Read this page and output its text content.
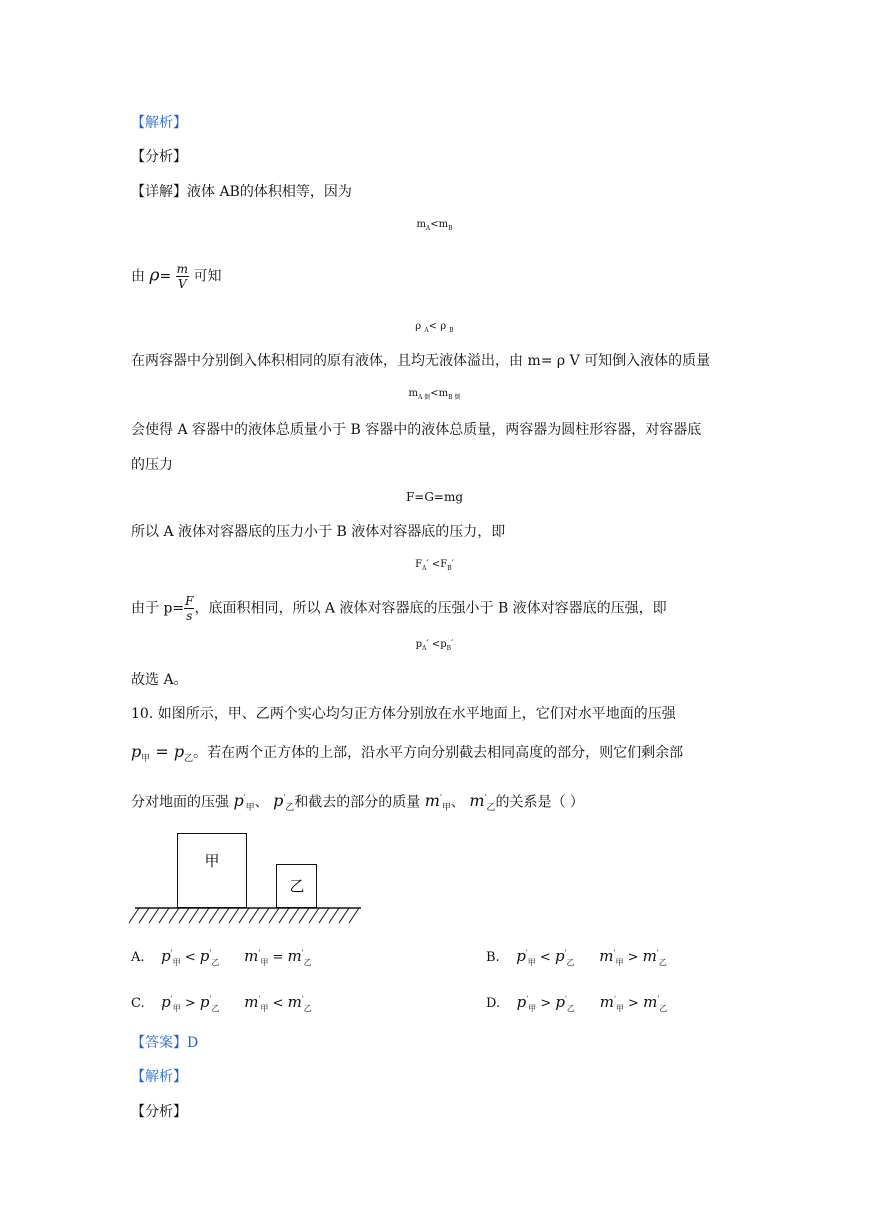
【解析】
【分析】
【详解】液体 AB的体积相等，因为
$m_A<m_B$
由 $\rho= \frac{m}{V}$ 可知
ρ $_A$< ρ $_B$
在两容器中分别倒入体积相同的原有液体，且均无液体溢出，由 m= ρ V 可知倒入液体的质量
$m_{A 倒}<m_{B 倒}$
会使得 A 容器中的液体总质量小于 B 容器中的液体总质量，两容器为圆柱形容器，对容器底
的压力
F=G=mg
所以 A 液体对容器底的压力小于 B 液体对容器底的压力，即
$F_A' <F_B'$
由于 $p= \frac{F}{s}$ ，底面积相同，所以 A 液体对容器底的压强小于 B 液体对容器底的压强，即
$p_A' <p_B'$
故选 A。
10. 如图所示，甲、乙两个实心均匀正方体分别放在水平地面上，它们对水平地面的压强
$p_甲 = p_乙$。若在两个正方体的上部，沿水平方向分别截去相同高度的部分，则它们剩余部
分对地面的压强 $p'_甲$、 $p'_乙$和截去的部分的质量 $m'_甲$、 $m'_乙$的关系是（ ）
甲
乙
A. $p'_甲 < p'_乙$ $m'_甲 = m'_乙$	B. $p'_甲 < p'_乙$ $m'_甲 > m'_乙$
C. $p'_甲 > p'_乙$ $m'_甲 < m'_乙$	D. $p'_甲 > p'_乙$ $m'_甲 > m'_乙$
【答案】D
【解析】
【分析】
